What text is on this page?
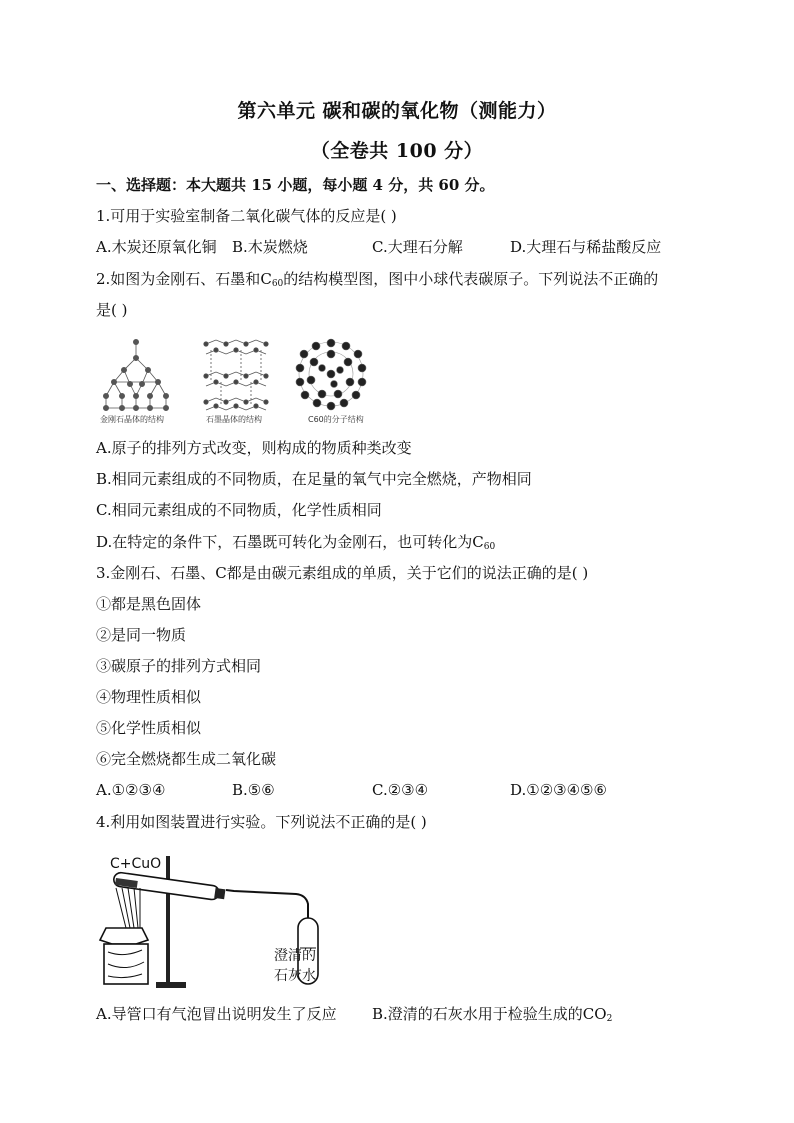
第六单元 碳和碳的氧化物（测能力）
（全卷共 100 分）
一、选择题：本大题共 15 小题，每小题 4 分，共 60 分。
1.可用于实验室制备二氧化碳气体的反应是( )
A.木炭还原氧化铜 B.木炭燃烧	C.大理石分解	D.大理石与稀盐酸反应
2.如图为金刚石、石墨和$C_{60}$的结构模型图，图中小球代表碳原子。下列说法不正确的
是( )
金刚石晶体的结构	石墨晶体的结构	C60的分子结构
A.原子的排列方式改变，则构成的物质种类改变
B.相同元素组成的不同物质，在足量的氧气中完全燃烧，产物相同
C.相同元素组成的不同物质，化学性质相同
D.在特定的条件下，石墨既可转化为金刚石，也可转化为$C_{60}$
3.金刚石、石墨、C都是由碳元素组成的单质，关于它们的说法正确的是( )
①都是黑色固体
②是同一物质
③碳原子的排列方式相同
④物理性质相似
⑤化学性质相似
⑥完全燃烧都生成二氧化碳
A.①②③④	B.⑤⑥	C.②③④	D.①②③④⑤⑥
4.利用如图装置进行实验。下列说法不正确的是( )
C+CuO
澄清的
石灰水
A.导管口有气泡冒出说明发生了反应 B.澄清的石灰水用于检验生成的$CO_2$
